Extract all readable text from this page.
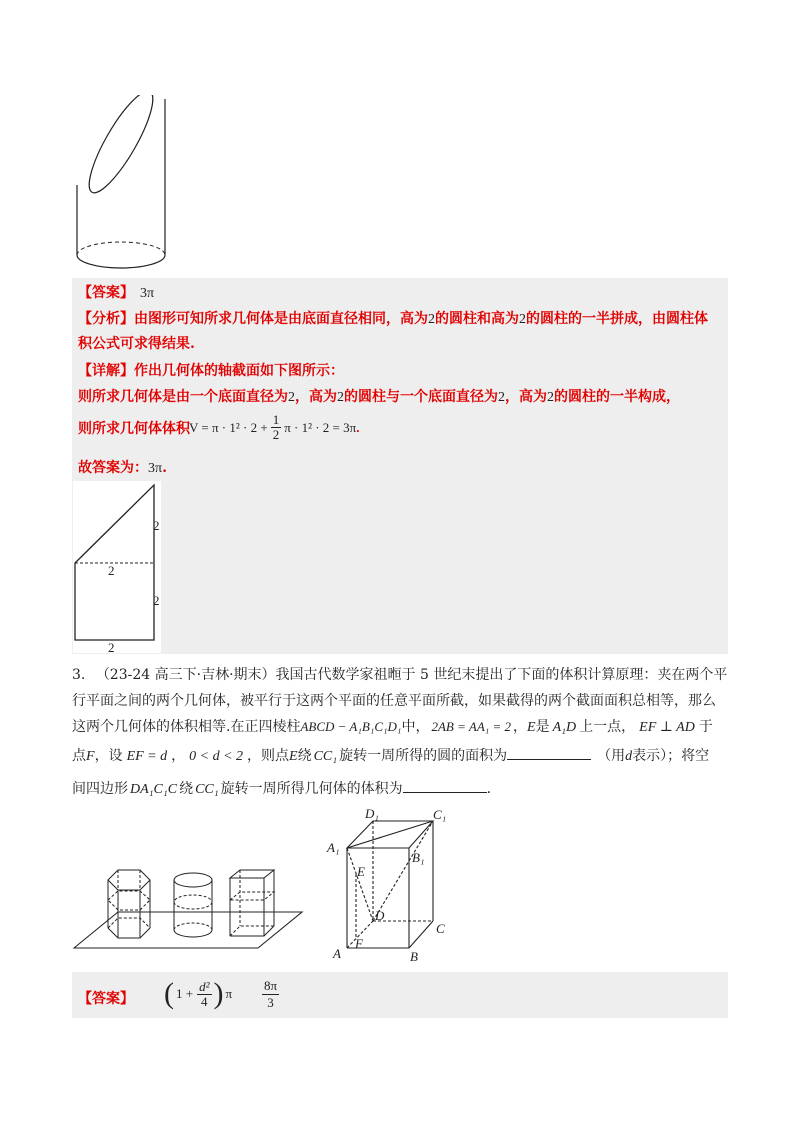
【答案】 3π
【分析】由图形可知所求几何体是由底面直径相同，高为2的圆柱和高为2的圆柱的一半拼成，由圆柱体
积公式可求得结果.
【详解】作出几何体的轴截面如下图所示：
则所求几何体是由一个底面直径为2，高为2的圆柱与一个底面直径为2，高为2的圆柱的一半构成，
则所求几何体体积 $V = \pi \cdot 1^2 \cdot 2 + \frac{1}{2}$ π · 1² · 2 = 3π .
故答案为：3π.
2
2
2
2
3. （23-24 高三下·吉林·期末）我国古代数学家祖暅于 5 世纪末提出了下面的体积计算原理：夹在两个平
行平面之间的两个几何体，被平行于这两个平面的任意平面所截，如果截得的两个截面面积总相等，那么
这两个几何体的体积相等.在正四棱柱ABCD − A₁B₁C₁D₁中， 2AB = AA₁ = 2 ，E是 A₁D 上一点， EF ⊥ AD 于
点F，设 EF = d ， 0 < d < 2 ，则点E绕 CC₁ 旋转一周所得的圆的面积为	（用d表示）；将空
间四边形 DA₁C₁C 绕 CC₁ 旋转一周所得几何体的体积为	.
D₁	C₁
A₁
B₁
E
D
C
F
A	B
【答案】 ( $1 + \frac{\text{d²}}{4}$ ) π $\frac{8\pi}{3}$
